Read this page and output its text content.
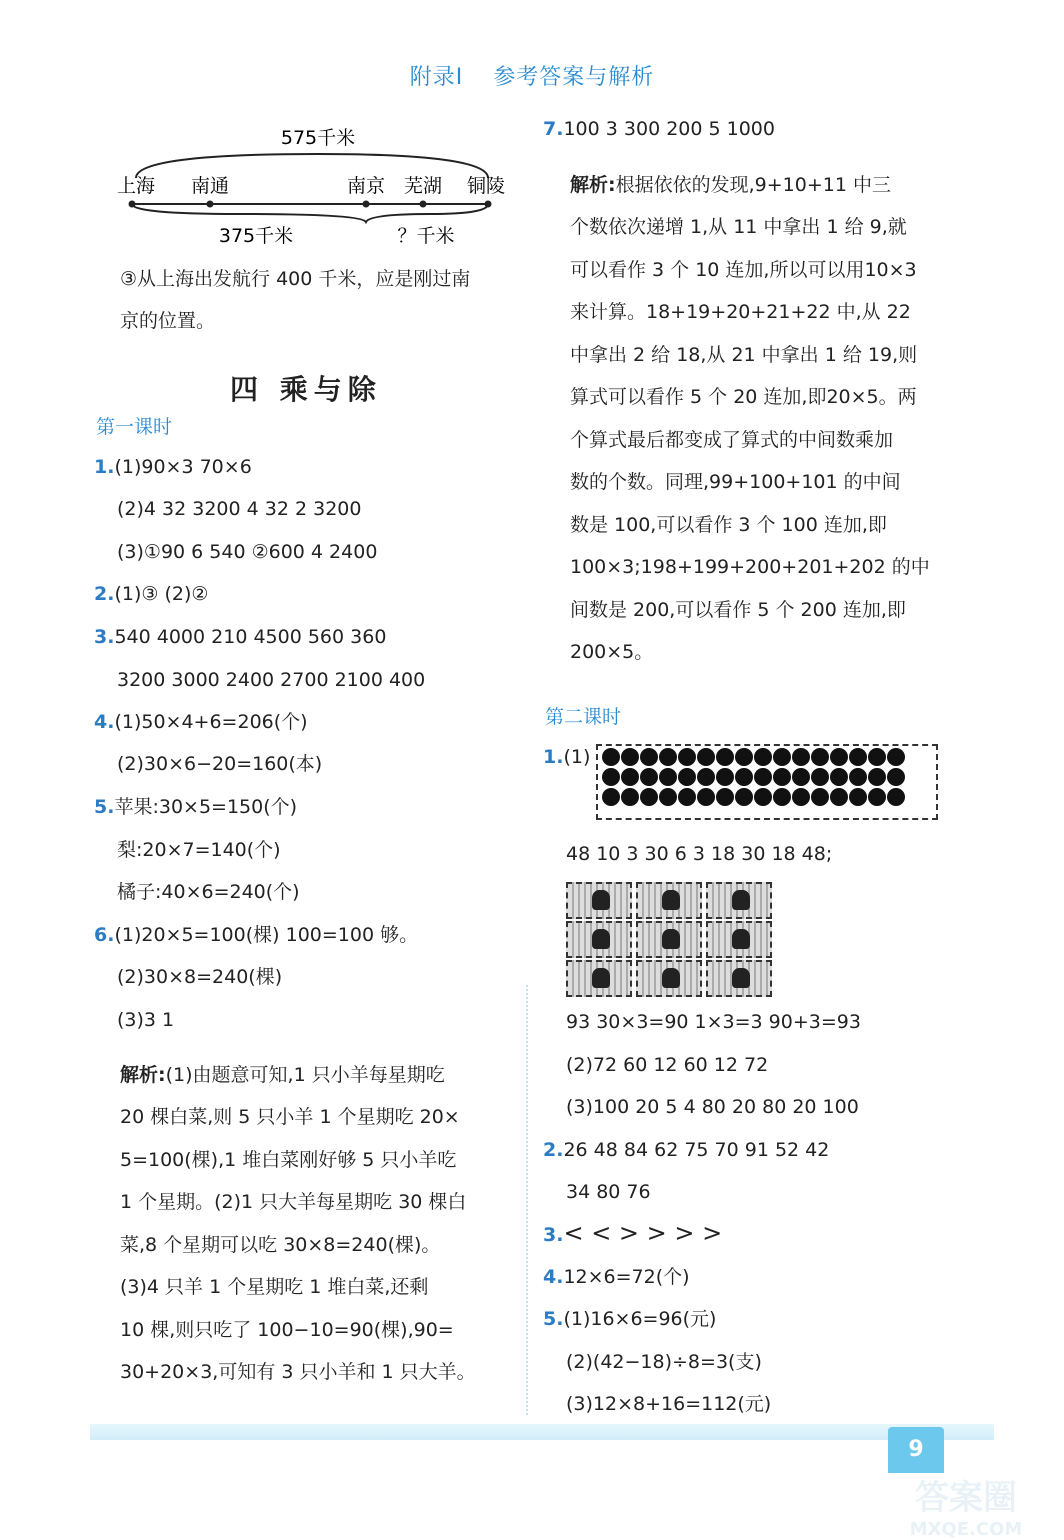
附录Ⅰ 参考答案与解析
575千米
上海 南通	南京 芜湖 铜陵
375千米	？千米
③从上海出发航行 400 千米，应是刚过南
京的位置。
四 乘与除
第一课时
1.(1)90×3 70×6
(2)4 32 3200 4 32 2 3200
(3)①90 6 540 ②600 4 2400
2.(1)③ (2)②
3.540 4000 210 4500 560 360
3200 3000 2400 2700 2100 400
4.(1)50×4+6=206(个)
(2)30×6−20=160(本)
5.苹果:30×5=150(个)
梨:20×7=140(个)
橘子:40×6=240(个)
6.(1)20×5=100(棵) 100=100 够。
(2)30×8=240(棵)
(3)3 1
解析:(1)由题意可知,1 只小羊每星期吃
20 棵白菜,则 5 只小羊 1 个星期吃 20×
5=100(棵),1 堆白菜刚好够 5 只小羊吃
1 个星期。(2)1 只大羊每星期吃 30 棵白
菜,8 个星期可以吃 30×8=240(棵)。
(3)4 只羊 1 个星期吃 1 堆白菜,还剩
10 棵,则只吃了 100−10=90(棵),90=
30+20×3,可知有 3 只小羊和 1 只大羊。
7.100 3 300 200 5 1000
解析:根据依依的发现,9+10+11 中三
个数依次递增 1,从 11 中拿出 1 给 9,就
可以看作 3 个 10 连加,所以可以用10×3
来计算。18+19+20+21+22 中,从 22
中拿出 2 给 18,从 21 中拿出 1 给 19,则
算式可以看作 5 个 20 连加,即20×5。两
个算式最后都变成了算式的中间数乘加
数的个数。同理,99+100+101 的中间
数是 100,可以看作 3 个 100 连加,即
100×3;198+199+200+201+202 的中
间数是 200,可以看作 5 个 200 连加,即
200×5。
第二课时
1.(1)
48 10 3 30 6 3 18 30 18 48;
93 30×3=90 1×3=3 90+3=93
(2)72 60 12 60 12 72
(3)100 20 5 4 80 20 80 20 100
2.26 48 84 62 75 70 91 52 42
34 80 76
3.< < > > > >
4.12×6=72(个)
5.(1)16×6=96(元)
(2)(42−18)÷8=3(支)
(3)12×8+16=112(元)
9
答案圈
MXQE.COM
